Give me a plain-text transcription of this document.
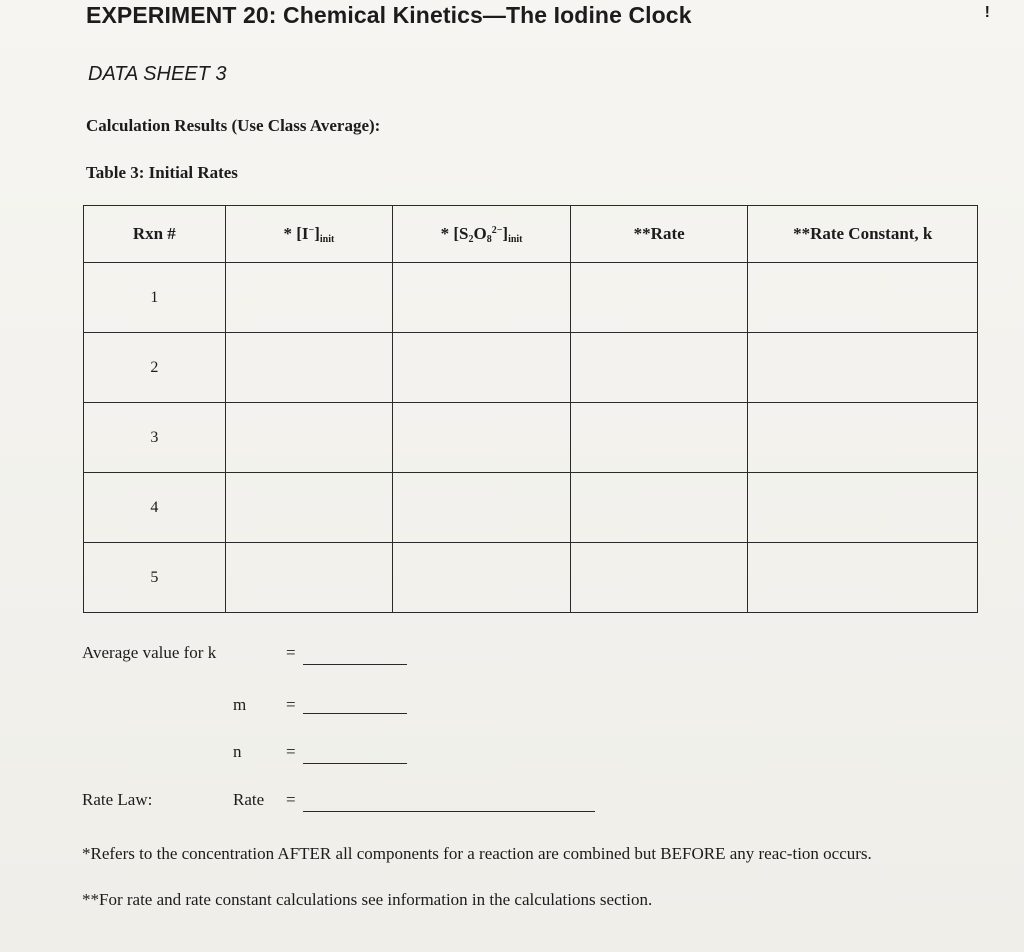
EXPERIMENT 20: Chemical Kinetics—The Iodine Clock	!
DATA SHEET 3
Calculation Results (Use Class Average):
Table 3: Initial Rates
Rxn #	* $[I^-]_{init}$	* $[S_2O_8^{2-}]_{init}$	**Rate	**Rate Constant, k
1				
2				
3				
4				
5				
Average value for k	=
m =
n	=
Rate Law:	Rate =
*Refers to the concentration AFTER all components for a reaction are combined but BEFORE any reac-tion occurs.
**For rate and rate constant calculations see information in the calculations section.
